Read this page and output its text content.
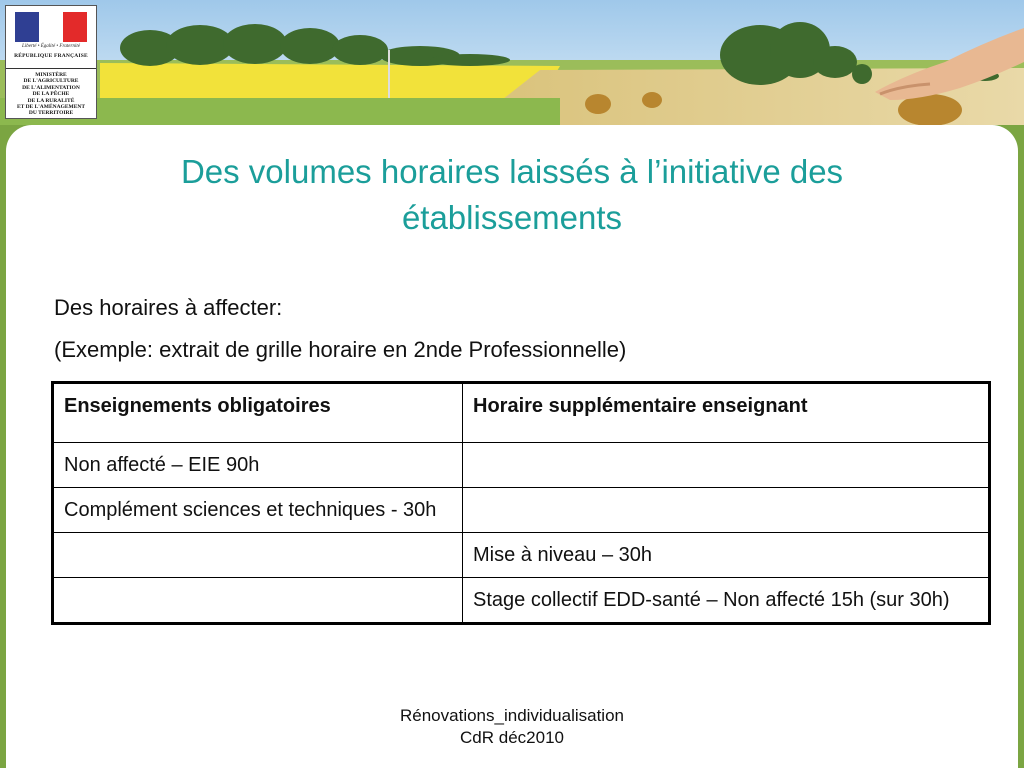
Liberté • Égalité • Fraternité
RÉPUBLIQUE FRANÇAISE
MINISTÈRE
DE L'AGRICULTURE
DE L'ALIMENTATION
DE LA PÊCHE
DE LA RURALITÉ
ET DE L'AMÉNAGEMENT
DU TERRITOIRE
Des volumes horaires laissés à l’initiative des établissements

Des horaires à affecter:

(Exemple: extrait de grille horaire en 2nde Professionnelle)

Enseignements obligatoires	Horaire supplémentaire enseignant
Non affecté – EIE 90h	
Complément sciences et techniques - 30h	
	Mise à niveau – 30h
	Stage collectif EDD-santé – Non affecté 15h (sur 30h)
Rénovations_individualisation
CdR déc2010
